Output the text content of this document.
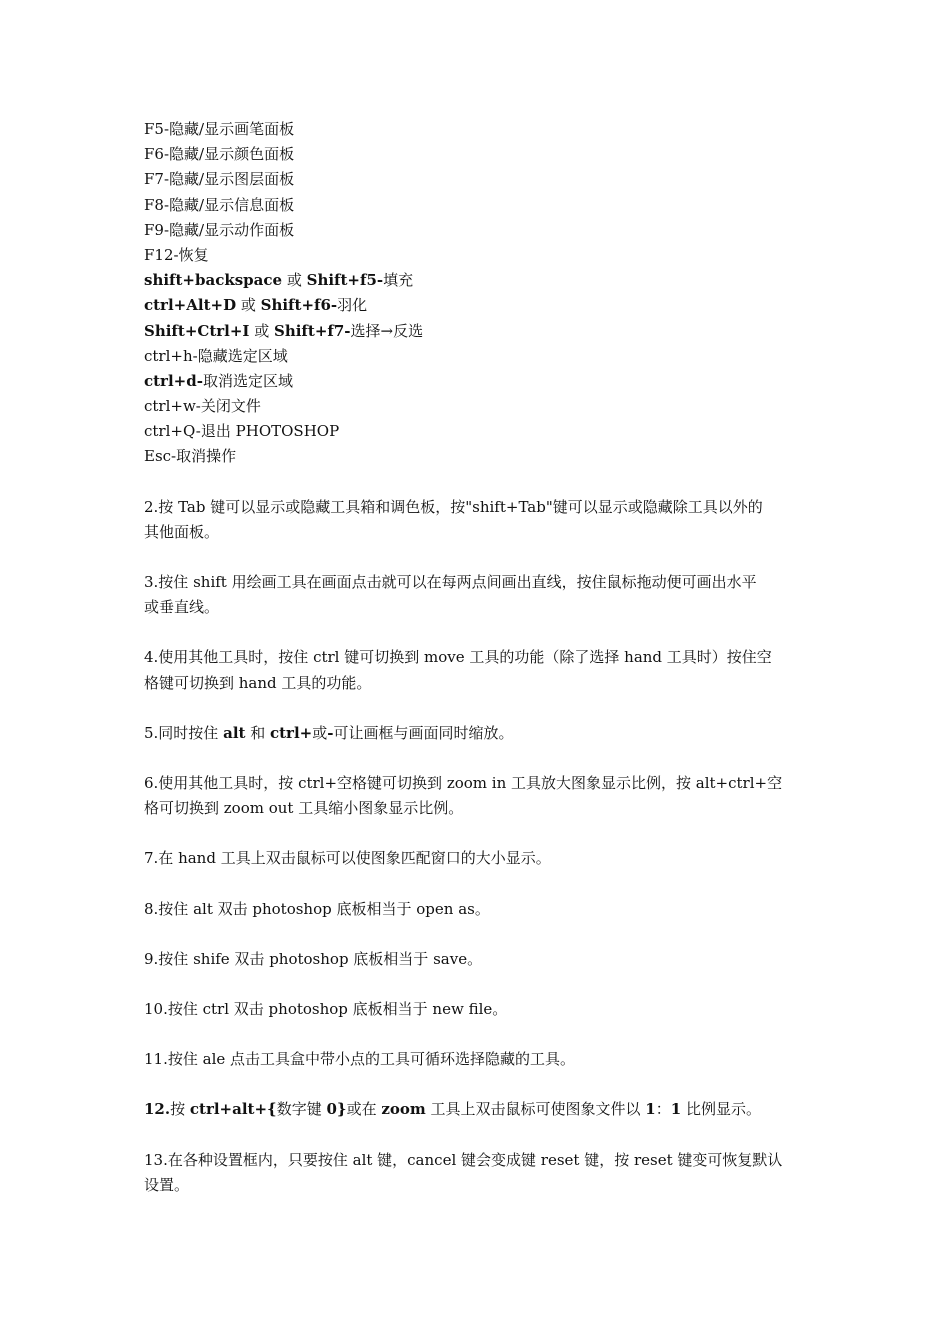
F5-隐藏/显示画笔面板
F6-隐藏/显示颜色面板
F7-隐藏/显示图层面板
F8-隐藏/显示信息面板
F9-隐藏/显示动作面板
F12-恢复
shift+backspace 或 Shift+f5-填充
ctrl+Alt+D 或 Shift+f6-羽化
Shift+Ctrl+I 或 Shift+f7-选择→反选
ctrl+h-隐藏选定区域
ctrl+d-取消选定区域
ctrl+w-关闭文件
ctrl+Q-退出 PHOTOSHOP
Esc-取消操作
2.按 Tab 键可以显示或隐藏工具箱和调色板，按"shift+Tab"键可以显示或隐藏除工具以外的
其他面板。
3.按住 shift 用绘画工具在画面点击就可以在每两点间画出直线，按住鼠标拖动便可画出水平
或垂直线。
4.使用其他工具时，按住 ctrl 键可切换到 move 工具的功能（除了选择 hand 工具时）按住空
格键可切换到 hand 工具的功能。
5.同时按住 alt 和 ctrl+或-可让画框与画面同时缩放。
6.使用其他工具时，按 ctrl+空格键可切换到 zoom in 工具放大图象显示比例，按 alt+ctrl+空
格可切换到 zoom out 工具缩小图象显示比例。
7.在 hand 工具上双击鼠标可以使图象匹配窗口的大小显示。
8.按住 alt 双击 photoshop 底板相当于 open as。
9.按住 shife 双击 photoshop 底板相当于 save。
10.按住 ctrl 双击 photoshop 底板相当于 new file。
11.按住 ale 点击工具盒中带小点的工具可循环选择隐藏的工具。
12.按 ctrl+alt+{数字键 0}或在 zoom 工具上双击鼠标可使图象文件以 1：1 比例显示。
13.在各种设置框内，只要按住 alt 键，cancel 键会变成键 reset 键，按 reset 键变可恢复默认
设置。
